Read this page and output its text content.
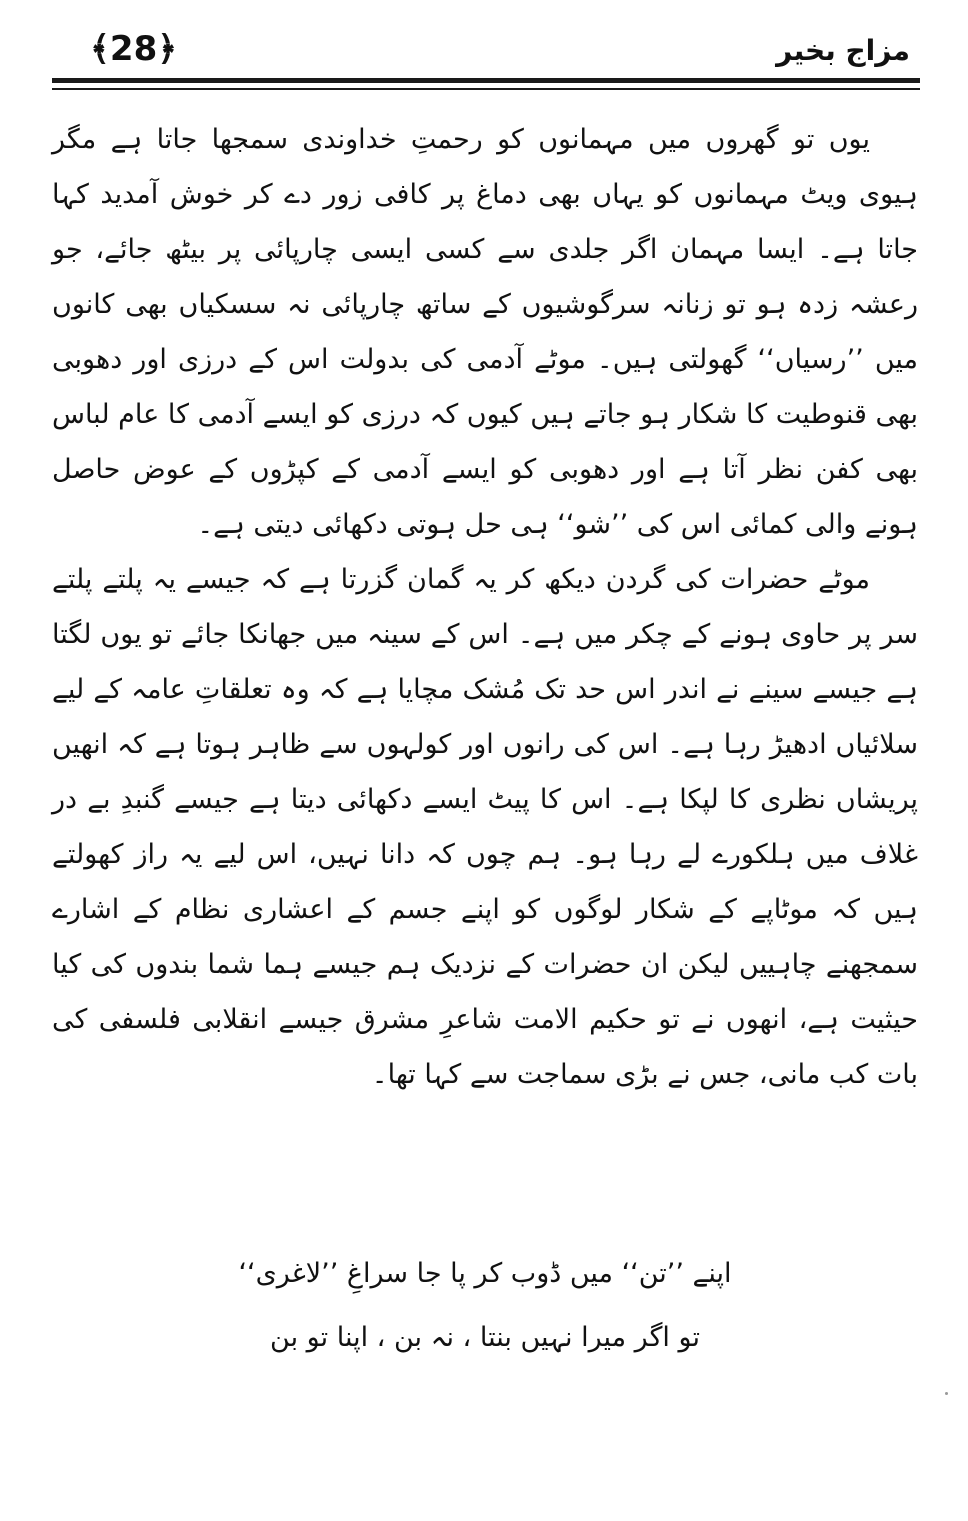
﴾28﴿	مزاج بخیر

یوں تو گھروں میں مہمانوں کو رحمتِ خداوندی سمجھا جاتا ہے مگر ہیوی ویٹ مہمانوں کو یہاں بھی دماغ پر کافی زور دے کر خوش آمدید کہا جاتا ہے۔ ایسا مہمان اگر جلدی سے کسی ایسی چارپائی پر بیٹھ جائے، جو رعشہ زدہ ہو تو زنانہ سرگوشیوں کے ساتھ چارپائی نہ سسکیاں بھی کانوں میں ’’رسیاں‘‘ گھولتی ہیں۔ موٹے آدمی کی بدولت اس کے درزی اور دھوبی بھی قنوطیت کا شکار ہو جاتے ہیں کیوں کہ درزی کو ایسے آدمی کا عام لباس بھی کفن نظر آتا ہے اور دھوبی کو ایسے آدمی کے کپڑوں کے عوض حاصل ہونے والی کمائی اس کی ’’شو‘‘ ہی حل ہوتی دکھائی دیتی ہے۔

موٹے حضرات کی گردن دیکھ کر یہ گمان گزرتا ہے کہ جیسے یہ پلتے پلتے سر پر حاوی ہونے کے چکر میں ہے۔ اس کے سینہ میں جھانکا جائے تو یوں لگتا ہے جیسے سینے نے اندر اس حد تک مُشک مچایا ہے کہ وہ تعلقاتِ عامہ کے لیے سلائیاں ادھیڑ رہا ہے۔ اس کی رانوں اور کولہوں سے ظاہر ہوتا ہے کہ انھیں پریشاں نظری کا لپکا ہے۔ اس کا پیٹ ایسے دکھائی دیتا ہے جیسے گنبدِ بے در غلاف میں ہلکورے لے رہا ہو۔ ہم چوں کہ دانا نہیں، اس لیے یہ راز کھولتے ہیں کہ موٹاپے کے شکار لوگوں کو اپنے جسم کے اعشاری نظام کے اشارے سمجھنے چاہییں لیکن ان حضرات کے نزدیک ہم جیسے ہما شما بندوں کی کیا حیثیت ہے، انھوں نے تو حکیم الامت شاعرِ مشرق جیسے انقلابی فلسفی کی بات کب مانی، جس نے بڑی سماجت سے کہا تھا۔

اپنے ’’تن‘‘ میں ڈوب کر پا جا سراغِ ’’لاغری‘‘
تو اگر میرا نہیں بنتا ، نہ بن ، اپنا تو بن
